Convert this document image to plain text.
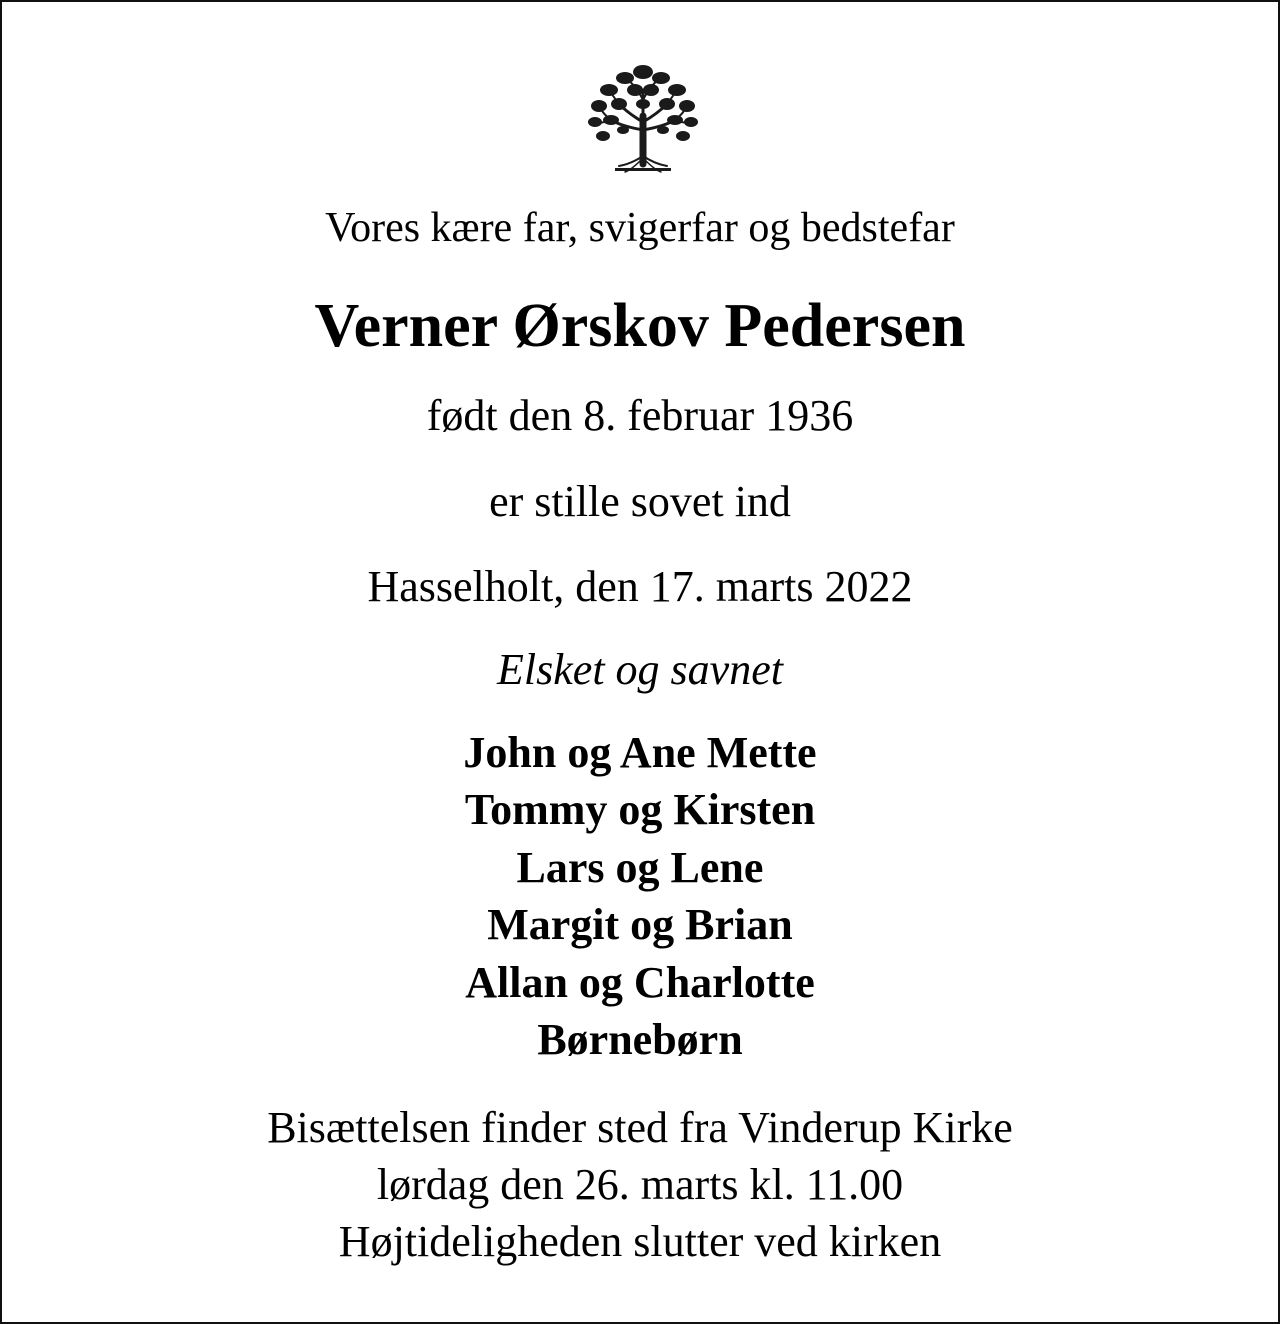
Vores kære far, svigerfar og bedstefar
Verner Ørskov Pedersen
født den 8. februar 1936
er stille sovet ind
Hasselholt, den 17. marts 2022
Elsket og savnet
John og Ane Mette
Tommy og Kirsten
Lars og Lene
Margit og Brian
Allan og Charlotte
Børnebørn
Bisættelsen finder sted fra Vinderup Kirke
lørdag den 26. marts kl. 11.00
Højtideligheden slutter ved kirken
